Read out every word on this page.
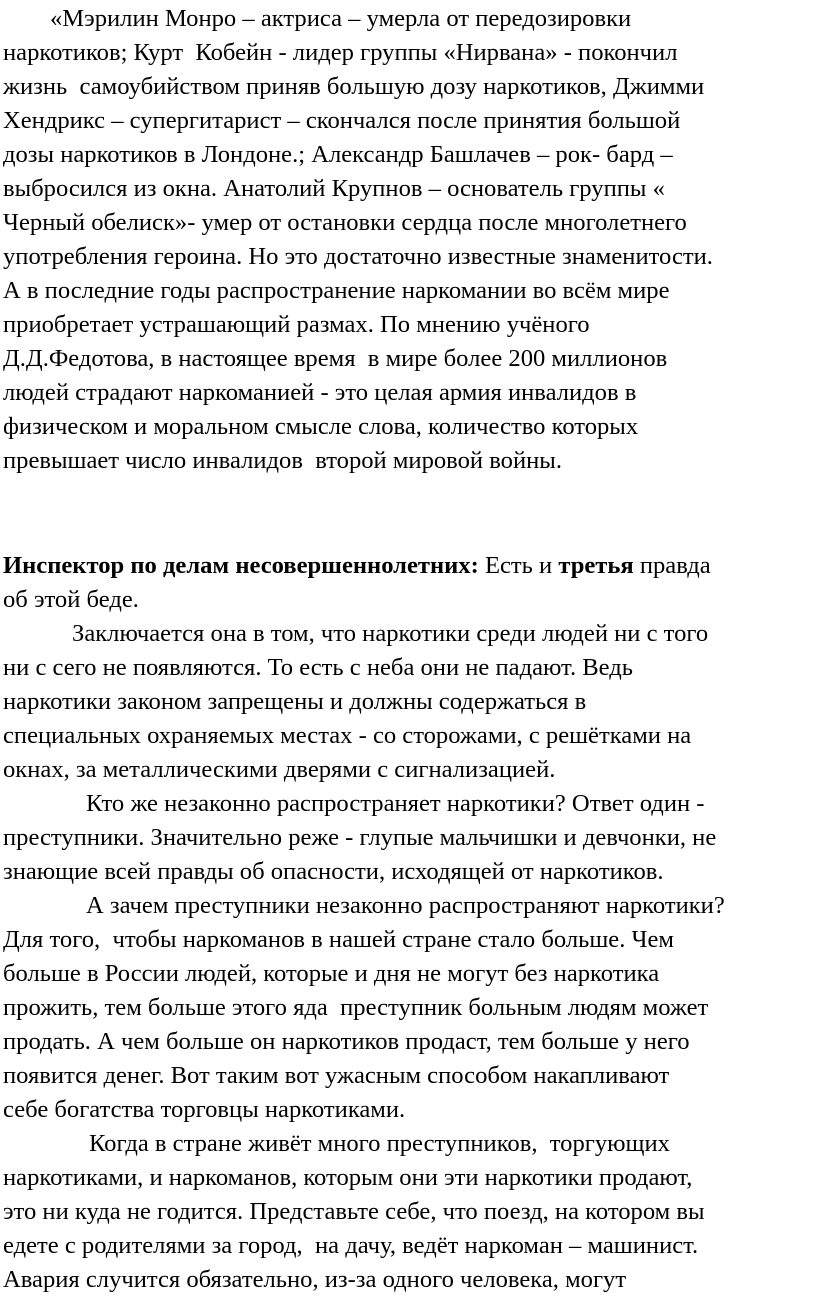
«Мэрилин Монро – актриса – умерла от передозировки
наркотиков; Курт  Кобейн - лидер группы «Нирвана» - покончил
жизнь  самоубийством приняв большую дозу наркотиков, Джимми
Хендрикс – супергитарист – скончался после принятия большой
дозы наркотиков в Лондоне.; Александр Башлачев – рок- бард –
выбросился из окна. Анатолий Крупнов – основатель группы «
Черный обелиск»- умер от остановки сердца после многолетнего
употребления героина. Но это достаточно известные знаменитости.
А в последние годы распространение наркомании во всём мире
приобретает устрашающий размах. По мнению учёного
Д.Д.Федотова, в настоящее время  в мире более 200 миллионов
людей страдают наркоманией - это целая армия инвалидов в
физическом и моральном смысле слова, количество которых
превышает число инвалидов  второй мировой войны.
Инспектор по делам несовершеннолетних: Есть и третья правда
об этой беде.
Заключается она в том, что наркотики среди людей ни с того
ни с сего не появляются. То есть с неба они не падают. Ведь
наркотики законом запрещены и должны содержаться в
специальных охраняемых местах - со сторожами, с решётками на
окнах, за металлическими дверями с сигнализацией.
Кто же незаконно распространяет наркотики? Ответ один -
преступники. Значительно реже - глупые мальчишки и девчонки, не
знающие всей правды об опасности, исходящей от наркотиков.
А зачем преступники незаконно распространяют наркотики?
Для того,  чтобы наркоманов в нашей стране стало больше. Чем
больше в России людей, которые и дня не могут без наркотика
прожить, тем больше этого яда  преступник больным людям может
продать. А чем больше он наркотиков продаст, тем больше у него
появится денег. Вот таким вот ужасным способом накапливают
себе богатства торговцы наркотиками.
Когда в стране живёт много преступников,  торгующих
наркотиками, и наркоманов, которым они эти наркотики продают,
это ни куда не годится. Представьте себе, что поезд, на котором вы
едете с родителями за город,  на дачу, ведёт наркоман – машинист.
Авария случится обязательно, из-за одного человека, могут
